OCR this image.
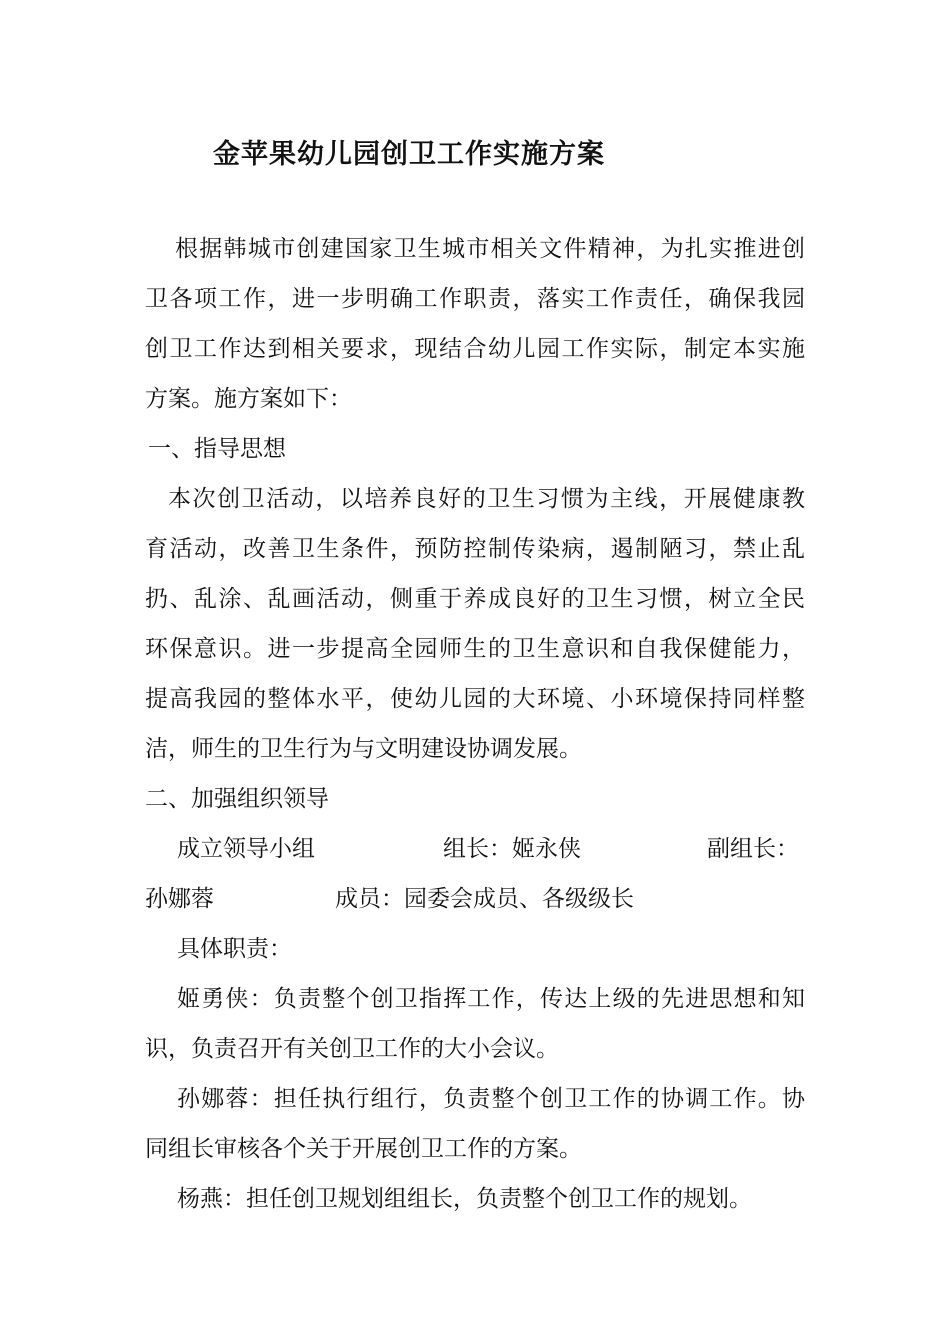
金苹果幼儿园创卫工作实施方案
根据韩城市创建国家卫生城市相关文件精神，为扎实推进创
卫各项工作，进一步明确工作职责，落实工作责任，确保我园
创卫工作达到相关要求，现结合幼儿园工作实际，制定本实施
方案。施方案如下：
一、指导思想
本次创卫活动，以培养良好的卫生习惯为主线，开展健康教
育活动，改善卫生条件，预防控制传染病，遏制陋习，禁止乱
扔、乱涂、乱画活动，侧重于养成良好的卫生习惯，树立全民
环保意识。进一步提高全园师生的卫生意识和自我保健能力，
提高我园的整体水平，使幼儿园的大环境、小环境保持同样整
洁，师生的卫生行为与文明建设协调发展。
二、加强组织领导
成立领导小组	组长：姬永侠	副组长：
孙娜蓉	成员：园委会成员、各级级长
具体职责：
姬勇侠：负责整个创卫指挥工作，传达上级的先进思想和知
识，负责召开有关创卫工作的大小会议。
孙娜蓉：担任执行组行，负责整个创卫工作的协调工作。协
同组长审核各个关于开展创卫工作的方案。
杨燕：担任创卫规划组组长，负责整个创卫工作的规划。
